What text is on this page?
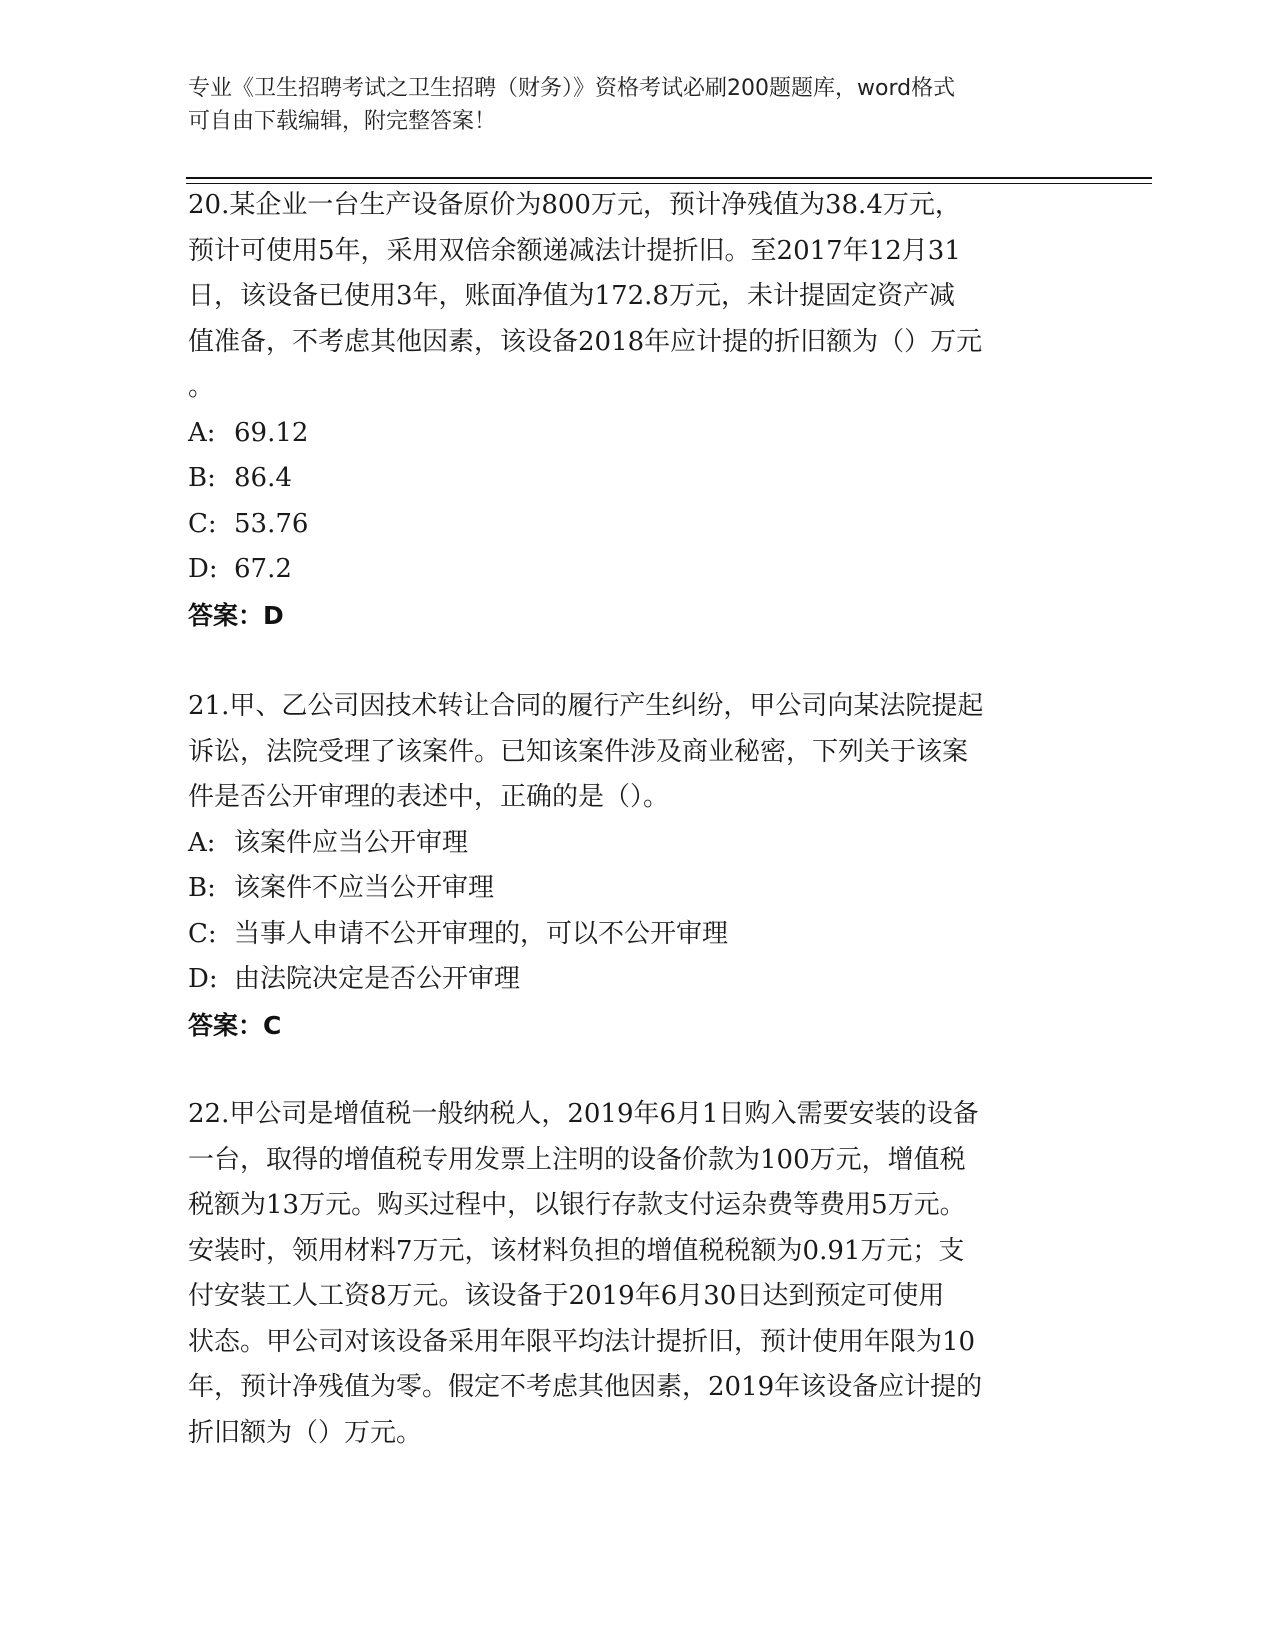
专业《卫生招聘考试之卫生招聘（财务）》资格考试必刷200题题库，word格式
可自由下载编辑，附完整答案！
20.某企业一台生产设备原价为800万元，预计净残值为38.4万元，
预计可使用5年，采用双倍余额递减法计提折旧。至2017年12月31
日，该设备已使用3年，账面净值为172.8万元，未计提固定资产减
值准备，不考虑其他因素，该设备2018年应计提的折旧额为（）万元
。
A: 69.12
B: 86.4
C: 53.76
D: 67.2
答案：D
21.甲、乙公司因技术转让合同的履行产生纠纷，甲公司向某法院提起
诉讼，法院受理了该案件。已知该案件涉及商业秘密，下列关于该案
件是否公开审理的表述中，正确的是（）。
A: 该案件应当公开审理
B: 该案件不应当公开审理
C: 当事人申请不公开审理的，可以不公开审理
D: 由法院决定是否公开审理
答案：C
22.甲公司是增值税一般纳税人，2019年6月1日购入需要安装的设备
一台，取得的增值税专用发票上注明的设备价款为100万元，增值税
税额为13万元。购买过程中，以银行存款支付运杂费等费用5万元。
安装时，领用材料7万元，该材料负担的增值税税额为0.91万元；支
付安装工人工资8万元。该设备于2019年6月30日达到预定可使用
状态。甲公司对该设备采用年限平均法计提折旧，预计使用年限为10
年，预计净残值为零。假定不考虑其他因素，2019年该设备应计提的
折旧额为（）万元。
